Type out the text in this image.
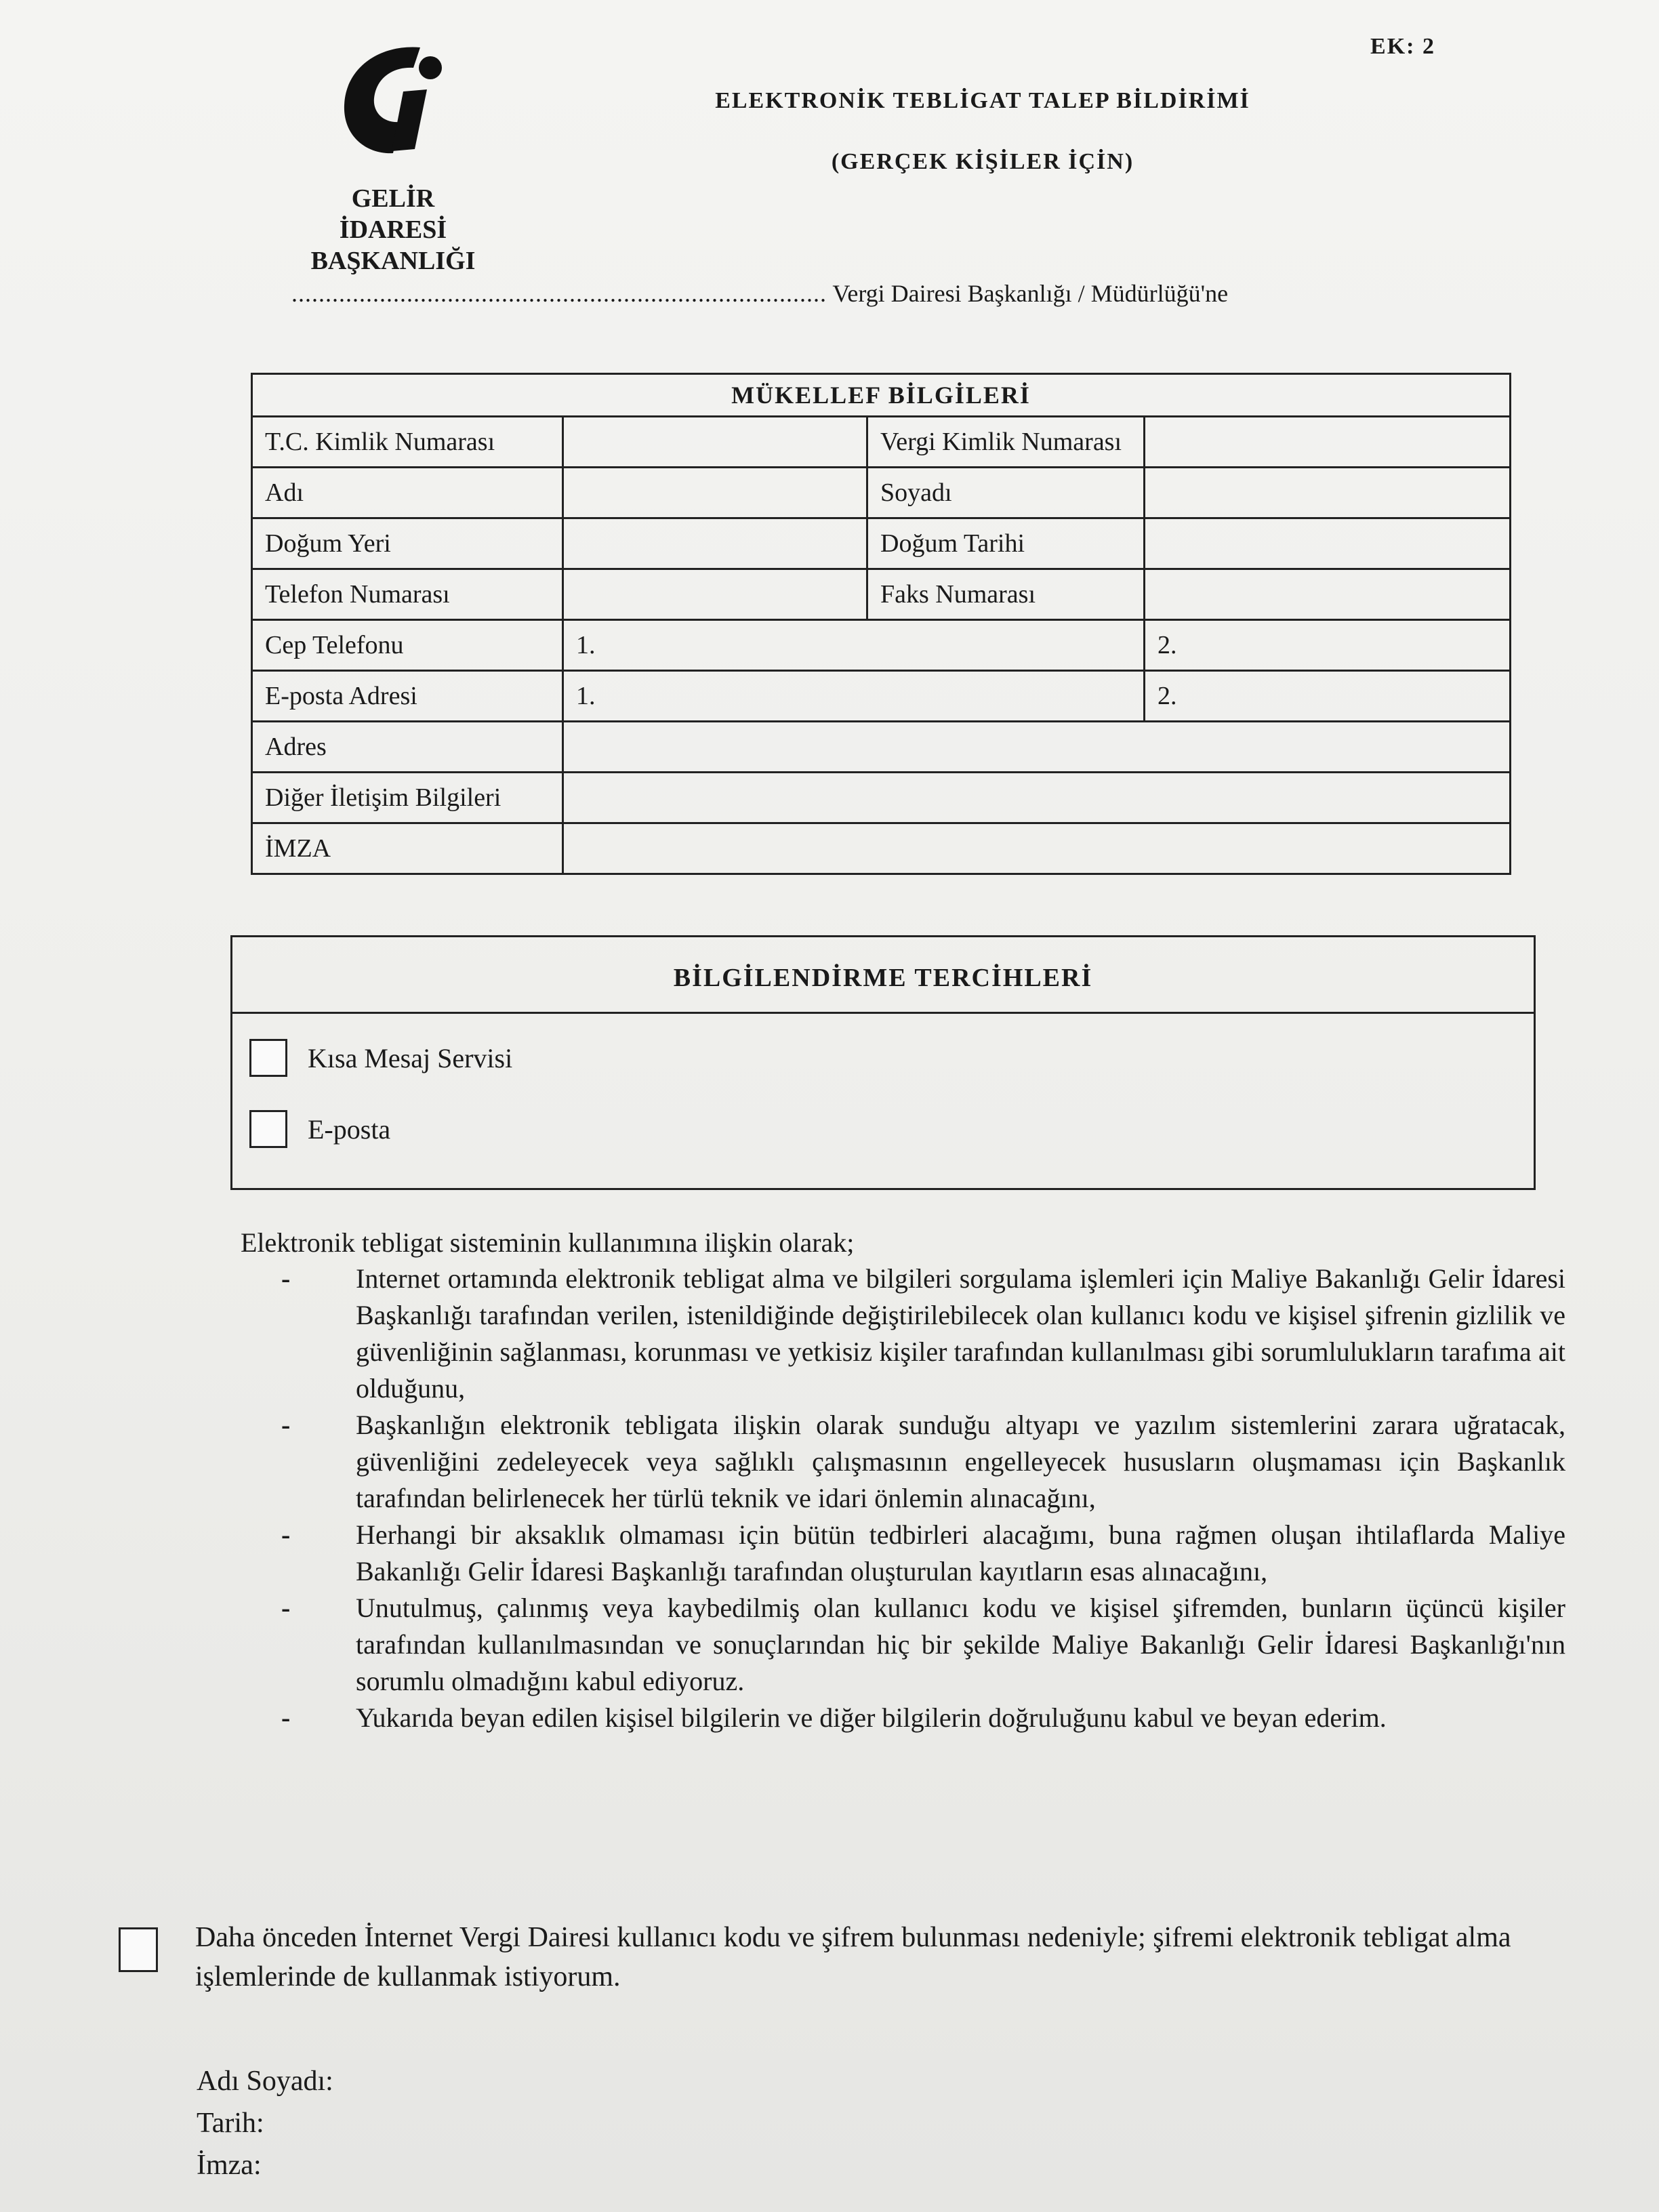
EK: 2
GELİR
İDARESİ
BAŞKANLIĞI
ELEKTRONİK TEBLİGAT TALEP BİLDİRİMİ
(GERÇEK KİŞİLER İÇİN)
............................................................................... Vergi Dairesi Başkanlığı / Müdürlüğü'ne
MÜKELLEF BİLGİLERİ			
T.C. Kimlik Numarası		Vergi Kimlik Numarası	
Adı		Soyadı	
Doğum Yeri		Doğum Tarihi	
Telefon Numarası		Faks Numarası	
Cep Telefonu	1.		2.
E-posta Adresi	1.		2.
Adres			
Diğer İletişim Bilgileri			
İMZA			
BİLGİLENDİRME TERCİHLERİ
Kısa Mesaj Servisi
E-posta
Elektronik tebligat sisteminin kullanımına ilişkin olarak;
-	Internet ortamında elektronik tebligat alma ve bilgileri sorgulama işlemleri için Maliye Bakanlığı Gelir İdaresi Başkanlığı tarafından verilen, istenildiğinde değiştirilebilecek olan kullanıcı kodu ve kişisel şifrenin gizlilik ve güvenliğinin sağlanması, korunması ve yetkisiz kişiler tarafından kullanılması gibi sorumlulukların tarafıma ait olduğunu,
-	Başkanlığın elektronik tebligata ilişkin olarak sunduğu altyapı ve yazılım sistemlerini zarara uğratacak, güvenliğini zedeleyecek veya sağlıklı çalışmasının engelleyecek hususların oluşmaması için Başkanlık tarafından belirlenecek her türlü teknik ve idari önlemin alınacağını,
-	Herhangi bir aksaklık olmaması için bütün tedbirleri alacağımı, buna rağmen oluşan ihtilaflarda Maliye Bakanlığı Gelir İdaresi Başkanlığı tarafından oluşturulan kayıtların esas alınacağını,
-	Unutulmuş, çalınmış veya kaybedilmiş olan kullanıcı kodu ve kişisel şifremden, bunların üçüncü kişiler tarafından kullanılmasından ve sonuçlarından hiç bir şekilde Maliye Bakanlığı Gelir İdaresi Başkanlığı'nın sorumlu olmadığını kabul ediyoruz.
-	Yukarıda beyan edilen kişisel bilgilerin ve diğer bilgilerin doğruluğunu kabul ve beyan ederim.
Daha önceden İnternet Vergi Dairesi kullanıcı kodu ve şifrem bulunması nedeniyle; şifremi elektronik tebligat alma işlemlerinde de kullanmak istiyorum.
Adı Soyadı:
Tarih:
İmza:
